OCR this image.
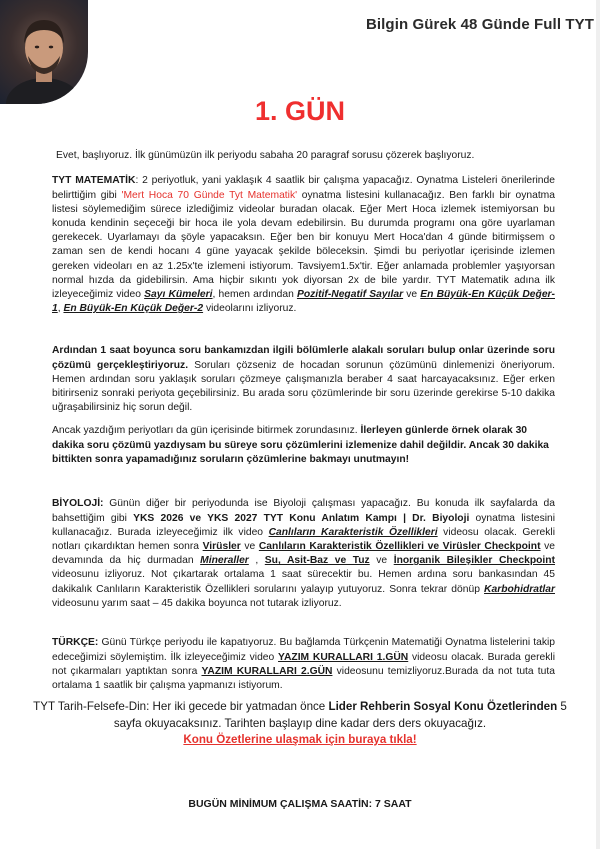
Bilgin Gürek 48 Günde Full TYT
1. GÜN

Evet, başlıyoruz. İlk günümüzün ilk periyodu sabaha 20 paragraf sorusu çözerek başlıyoruz.

TYT MATEMATİK: 2 periyotluk, yani yaklaşık 4 saatlik bir çalışma yapacağız. Oynatma Listeleri önerilerinde belirttiğim gibi 'Mert Hoca 70 Günde Tyt Matematik' oynatma listesini kullanacağız. Ben farklı bir oynatma listesi söylemediğim sürece izlediğimiz videolar buradan olacak. Eğer Mert Hoca izlemek istemiyorsan bu konuda kendinin seçeceği bir hoca ile yola devam edebilirsin. Bu durumda programı ona göre uyarlaman gerekecek. Uyarlamayı da şöyle yapacaksın. Eğer ben bir konuyu Mert Hoca'dan 4 günde bitirmişsem o zaman sen de kendi hocanı 4 güne yayacak şekilde böleceksin. Şimdi bu periyotlar içerisinde izlemen gereken videoları en az 1.25x'te izlemeni istiyorum. Tavsiyem1.5x'tir. Eğer anlamada problemler yaşıyorsan normal hızda da gidebilirsin. Ama hiçbir sıkıntı yok diyorsan 2x de bile yardır. TYT Matematik adına ilk izleyeceğimiz video Sayı Kümeleri, hemen ardından Pozitif-Negatif Sayılar ve En Büyük-En Küçük Değer-1, En Büyük-En Küçük Değer-2 videolarını izliyoruz.

Ardından 1 saat boyunca soru bankamızdan ilgili bölümlerle alakalı soruları bulup onlar üzerinde soru çözümü gerçekleştiriyoruz. Soruları çözseniz de hocadan sorunun çözümünü dinlemenizi öneriyorum. Hemen ardından soru yaklaşık soruları çözmeye çalışmanızla beraber 4 saat harcayacaksınız. Eğer erken bitirirseniz sonraki periyota geçebilirsiniz. Bu arada soru çözümlerinde bir soru üzerinde gerekirse 5-10 dakika uğraşabilirsiniz hiç sorun değil.

Ancak yazdığım periyotları da gün içerisinde bitirmek zorundasınız. İlerleyen günlerde örnek olarak 30 dakika soru çözümü yazdıysam bu süreye soru çözümlerini izlemenize dahil değildir. Ancak 30 dakika bittikten sonra yapamadığınız soruların çözümlerine bakmayı unutmayın!

BİYOLOJİ: Günün diğer bir periyodunda ise Biyoloji çalışması yapacağız. Bu konuda ilk sayfalarda da bahsettiğim gibi YKS 2026 ve YKS 2027 TYT Konu Anlatım Kampı | Dr. Biyoloji oynatma listesini kullanacağız. Burada izleyeceğimiz ilk video Canlıların Karakteristik Özellikleri videosu olacak. Gerekli notları çıkardıktan hemen sonra Virüsler ve Canlıların Karakteristik Özellikleri ve Virüsler Checkpoint ve devamında da hiç durmadan Mineraller , Su, Asit-Baz ve Tuz ve İnorganik Bileşikler Checkpoint videosunu izliyoruz. Not çıkartarak ortalama 1 saat sürecektir bu. Hemen ardına soru bankasından 45 dakikalık Canlıların Karakteristik Özellikleri sorularını yalayıp yutuyoruz. Sonra tekrar dönüp Karbohidratlar videosunu yarım saat – 45 dakika boyunca not tutarak izliyoruz.

TÜRKÇE: Günü Türkçe periyodu ile kapatıyoruz. Bu bağlamda Türkçenin Matematiği Oynatma listelerini takip edeceğimizi söylemiştim. İlk izleyeceğimiz video YAZIM KURALLARI 1.GÜN videosu olacak. Burada gerekli not çıkarmaları yaptıktan sonra YAZIM KURALLARI 2.GÜN videosunu temizliyoruz.Burada da not tuta tuta ortalama 1 saatlik bir çalışma yapmanızı istiyorum.

TYT Tarih-Felsefe-Din: Her iki gecede bir yatmadan önce Lider Rehberin Sosyal Konu Özetlerinden 5 sayfa okuyacaksınız. Tarihten başlayıp dine kadar ders ders okuyacağız.
Konu Özetlerine ulaşmak için buraya tıkla!

BUGÜN MİNİMUM ÇALIŞMA SAATİN: 7 SAAT
